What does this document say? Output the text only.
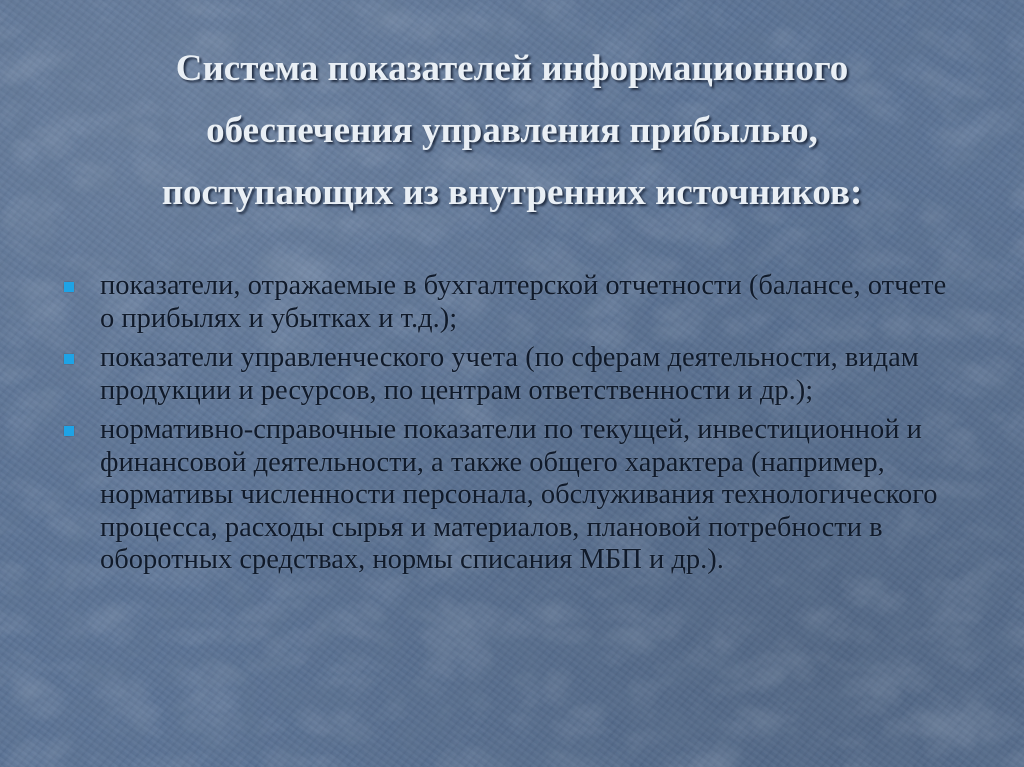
Система показателей информационного
обеспечения управления прибылью,
поступающих из внутренних источников:
показатели, отражаемые в бухгалтерской отчетности (балансе, отчете о прибылях и убытках и т.д.);
показатели управленческого учета (по сферам деятельности, видам продукции и ресурсов, по центрам ответственности и др.);
нормативно-справочные показатели по текущей, инвестиционной и финансовой деятельности, а также общего характера (например, нормативы численности персонала, обслуживания технологического процесса, расходы сырья и материалов, плановой потребности в оборотных средствах, нормы списания МБП и др.).
